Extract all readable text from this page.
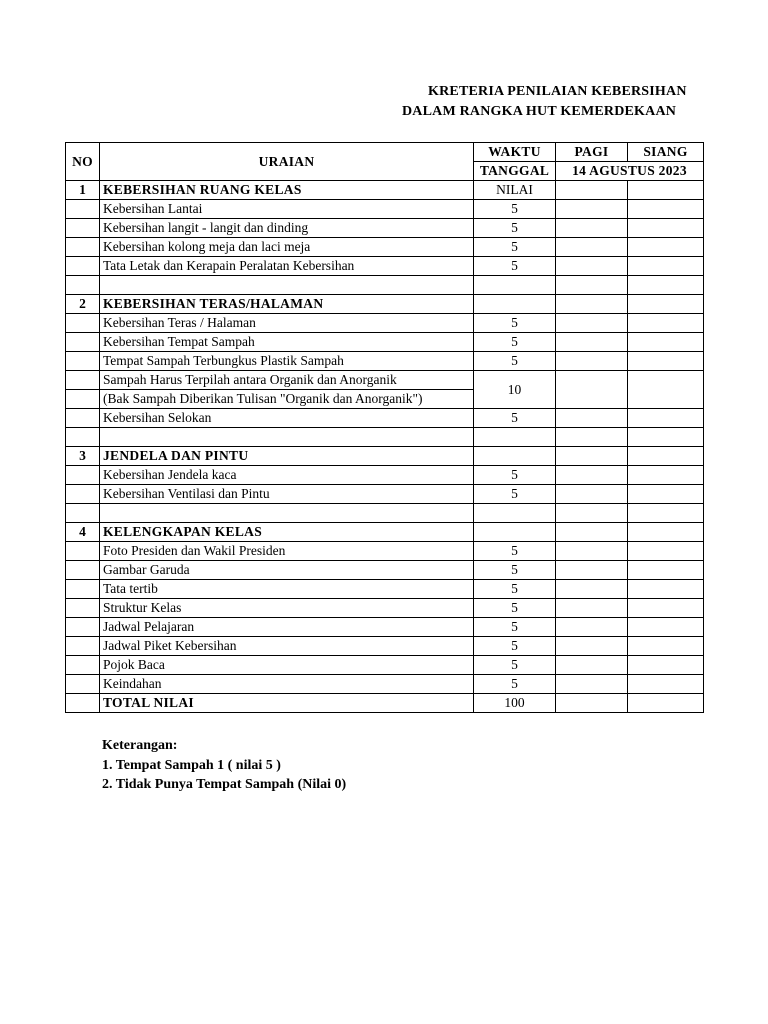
KRETERIA PENILAIAN KEBERSIHAN
DALAM RANGKA HUT KEMERDEKAAN
NO	URAIAN	WAKTU	PAGI	SIANG
		TANGGAL	14 AGUSTUS 2023	
1	KEBERSIHAN RUANG KELAS	NILAI		
	Kebersihan Lantai	5		
	Kebersihan langit - langit dan dinding	5		
	Kebersihan kolong meja dan laci meja	5		
	Tata Letak dan Kerapain Peralatan Kebersihan	5		

2	KEBERSIHAN TERAS/HALAMAN			
	Kebersihan Teras / Halaman	5		
	Kebersihan Tempat Sampah	5		
	Tempat Sampah Terbungkus Plastik Sampah	5		
	Sampah Harus Terpilah antara Organik dan Anorganik	10		
	(Bak Sampah Diberikan Tulisan "Organik dan Anorganik")			
	Kebersihan Selokan	5		

3	JENDELA DAN PINTU			
	Kebersihan Jendela kaca	5		
	Kebersihan Ventilasi dan Pintu	5		

4	KELENGKAPAN KELAS			
	Foto Presiden dan Wakil Presiden	5		
	Gambar Garuda	5		
	Tata tertib	5		
	Struktur Kelas	5		
	Jadwal Pelajaran	5		
	Jadwal Piket Kebersihan	5		
	Pojok Baca	5		
	Keindahan	5		
	TOTAL NILAI	100		
Keterangan:
1. Tempat Sampah 1 ( nilai 5 )
2. Tidak Punya Tempat Sampah (Nilai 0)
